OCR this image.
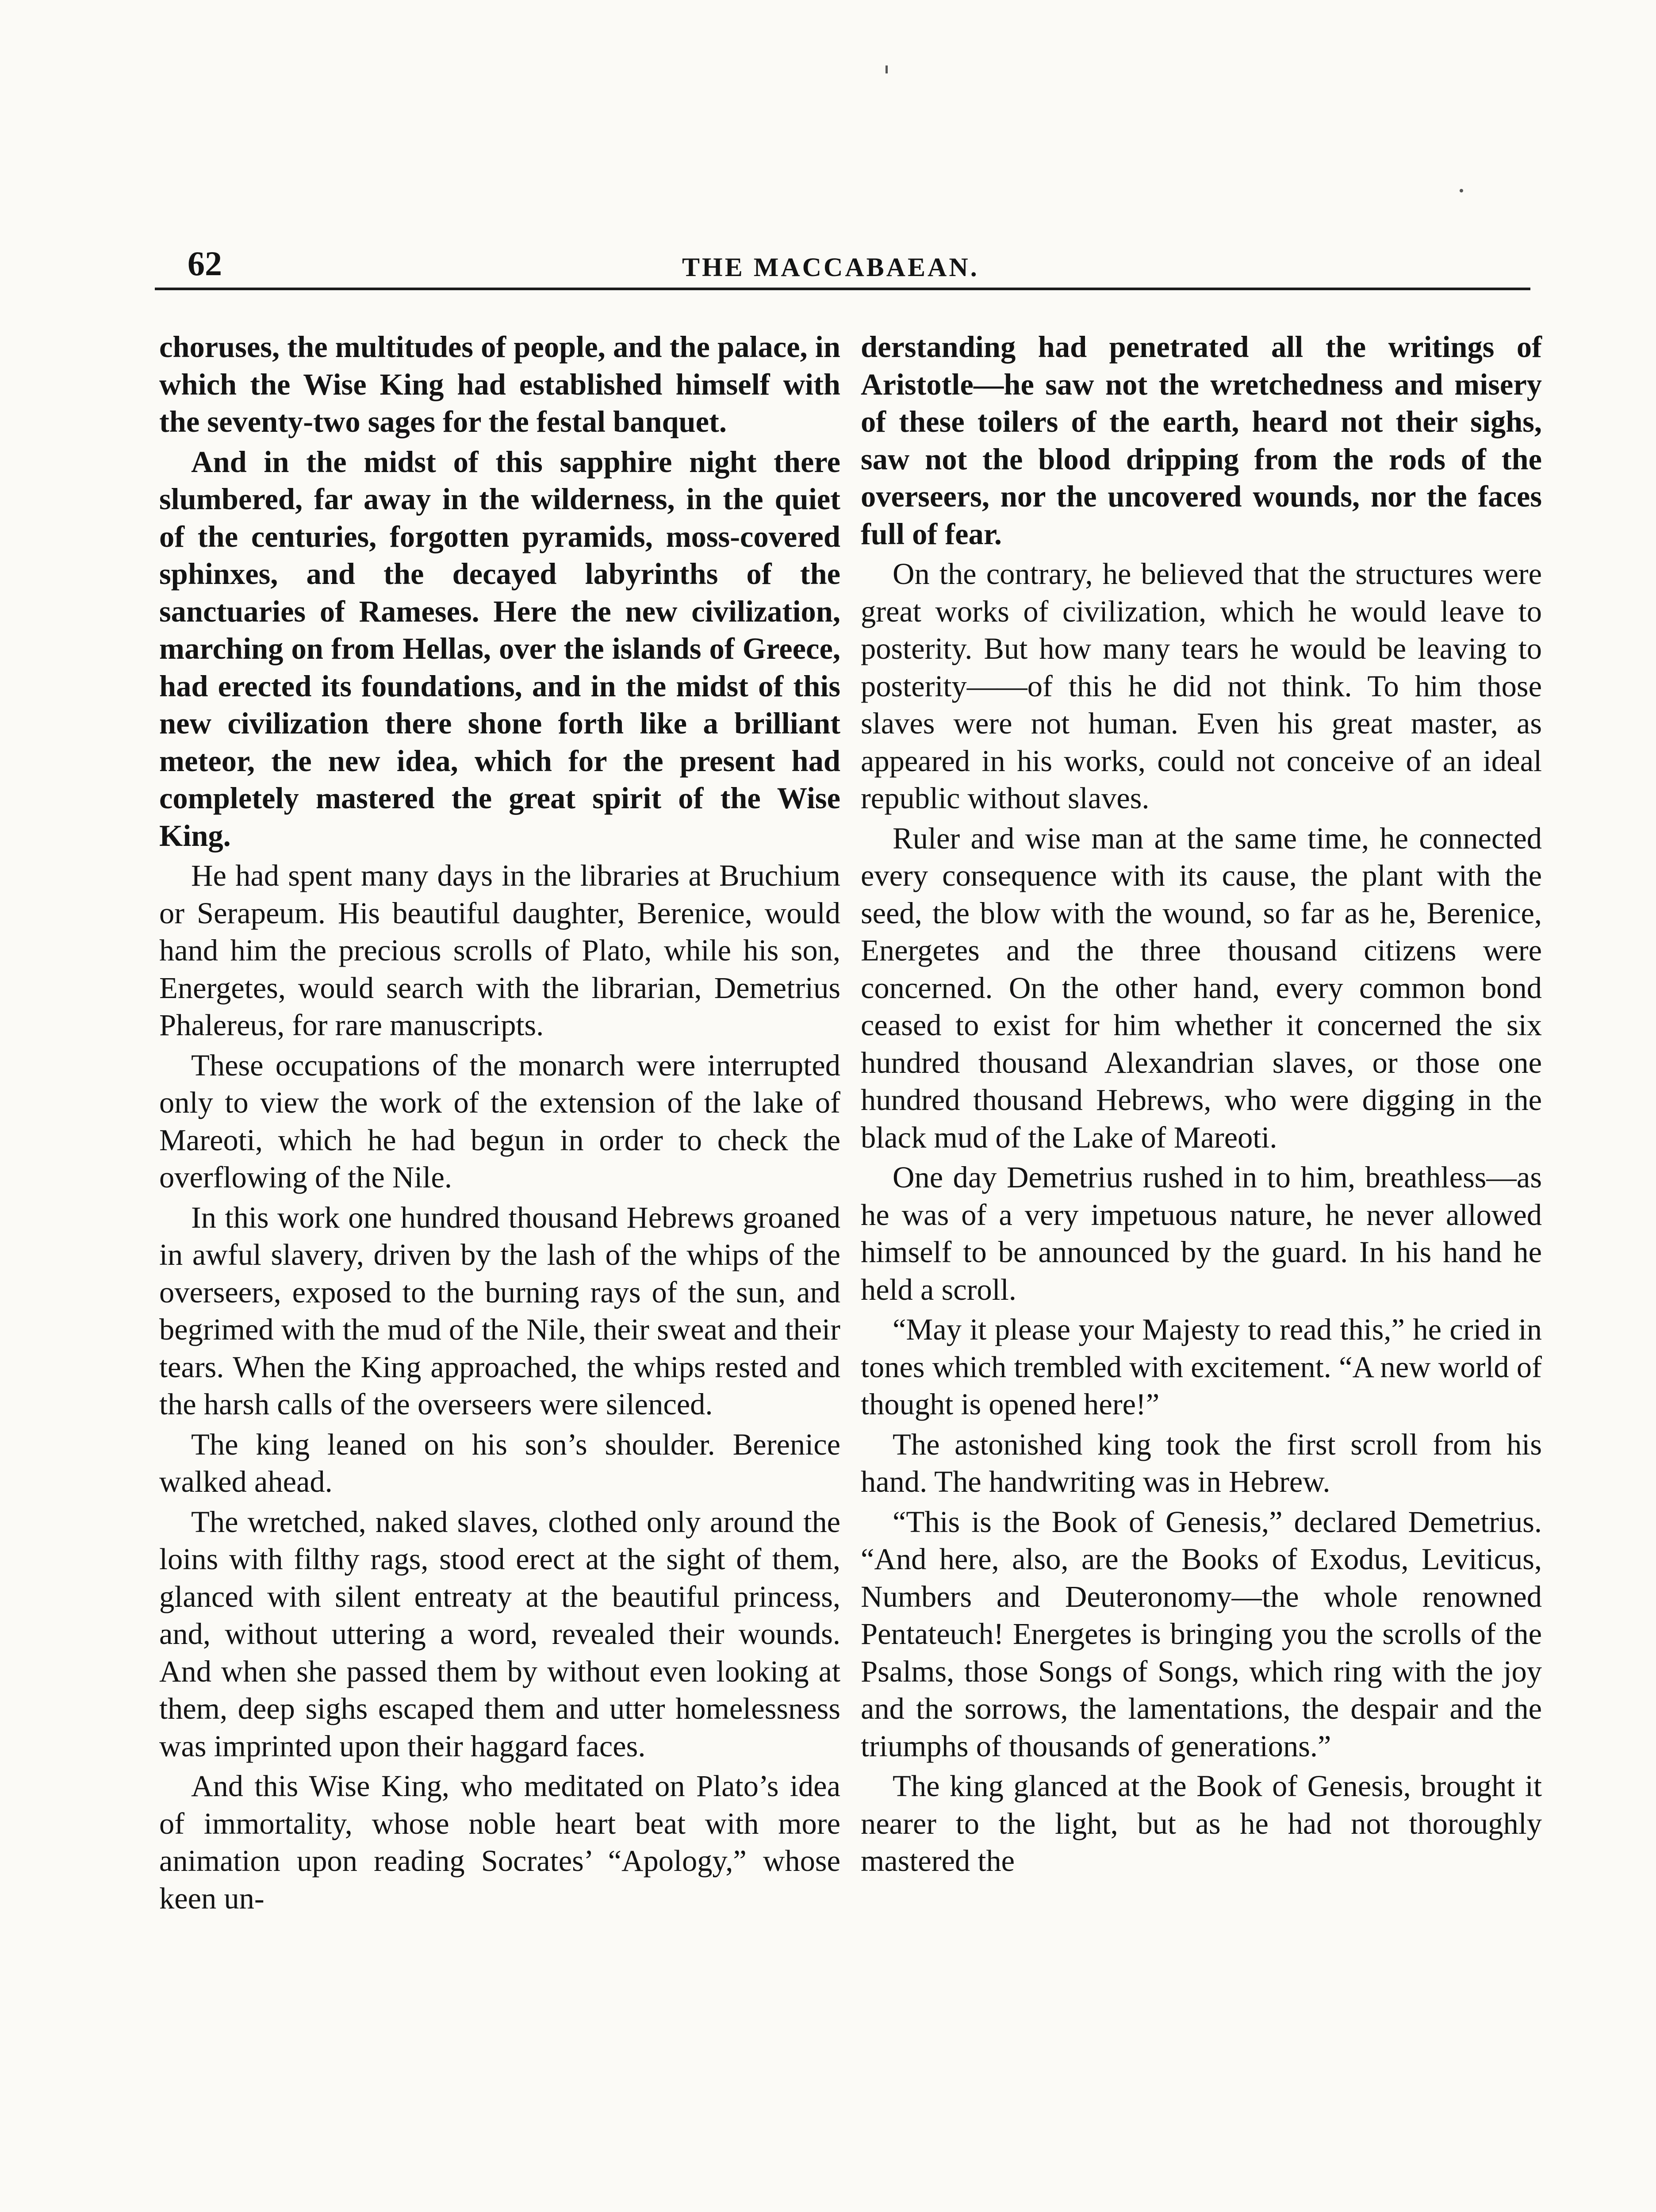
62	THE MACCABAEAN.

choruses, the multitudes of people, and the palace, in which the Wise King had established himself with the seventy-two sages for the festal banquet.

And in the midst of this sapphire night there slumbered, far away in the wilderness, in the quiet of the centuries, forgotten pyramids, moss-covered sphinxes, and the decayed labyrinths of the sanctuaries of Rameses. Here the new civilization, marching on from Hellas, over the islands of Greece, had erected its foundations, and in the midst of this new civilization there shone forth like a brilliant meteor, the new idea, which for the present had completely mastered the great spirit of the Wise King.

He had spent many days in the libraries at Bruchium or Serapeum. His beautiful daughter, Berenice, would hand him the precious scrolls of Plato, while his son, Energetes, would search with the librarian, Demetrius Phalereus, for rare manuscripts.

These occupations of the monarch were interrupted only to view the work of the extension of the lake of Mareoti, which he had begun in order to check the overflowing of the Nile.

In this work one hundred thousand Hebrews groaned in awful slavery, driven by the lash of the whips of the overseers, exposed to the burning rays of the sun, and begrimed with the mud of the Nile, their sweat and their tears. When the King approached, the whips rested and the harsh calls of the overseers were silenced.

The king leaned on his son’s shoulder. Berenice walked ahead.

The wretched, naked slaves, clothed only around the loins with filthy rags, stood erect at the sight of them, glanced with silent entreaty at the beautiful princess, and, without uttering a word, revealed their wounds. And when she passed them by without even looking at them, deep sighs escaped them and utter homelessness was imprinted upon their haggard faces.

And this Wise King, who meditated on Plato’s idea of immortality, whose noble heart beat with more animation upon reading Socrates’ “Apology,” whose keen un-

derstanding had penetrated all the writings of Aristotle—he saw not the wretchedness and misery of these toilers of the earth, heard not their sighs, saw not the blood dripping from the rods of the overseers, nor the uncovered wounds, nor the faces full of fear.

On the contrary, he believed that the structures were great works of civilization, which he would leave to posterity. But how many tears he would be leaving to posterity——of this he did not think. To him those slaves were not human. Even his great master, as appeared in his works, could not conceive of an ideal republic without slaves.

Ruler and wise man at the same time, he connected every consequence with its cause, the plant with the seed, the blow with the wound, so far as he, Berenice, Energetes and the three thousand citizens were concerned. On the other hand, every common bond ceased to exist for him whether it concerned the six hundred thousand Alexandrian slaves, or those one hundred thousand Hebrews, who were digging in the black mud of the Lake of Mareoti.

One day Demetrius rushed in to him, breathless—as he was of a very impetuous nature, he never allowed himself to be announced by the guard. In his hand he held a scroll.

“May it please your Majesty to read this,” he cried in tones which trembled with excitement. “A new world of thought is opened here!”

The astonished king took the first scroll from his hand. The handwriting was in Hebrew.

“This is the Book of Genesis,” declared Demetrius. “And here, also, are the Books of Exodus, Leviticus, Numbers and Deuteronomy—the whole renowned Pentateuch! Energetes is bringing you the scrolls of the Psalms, those Songs of Songs, which ring with the joy and the sorrows, the lamentations, the despair and the triumphs of thousands of generations.”

The king glanced at the Book of Genesis, brought it nearer to the light, but as he had not thoroughly mastered the
